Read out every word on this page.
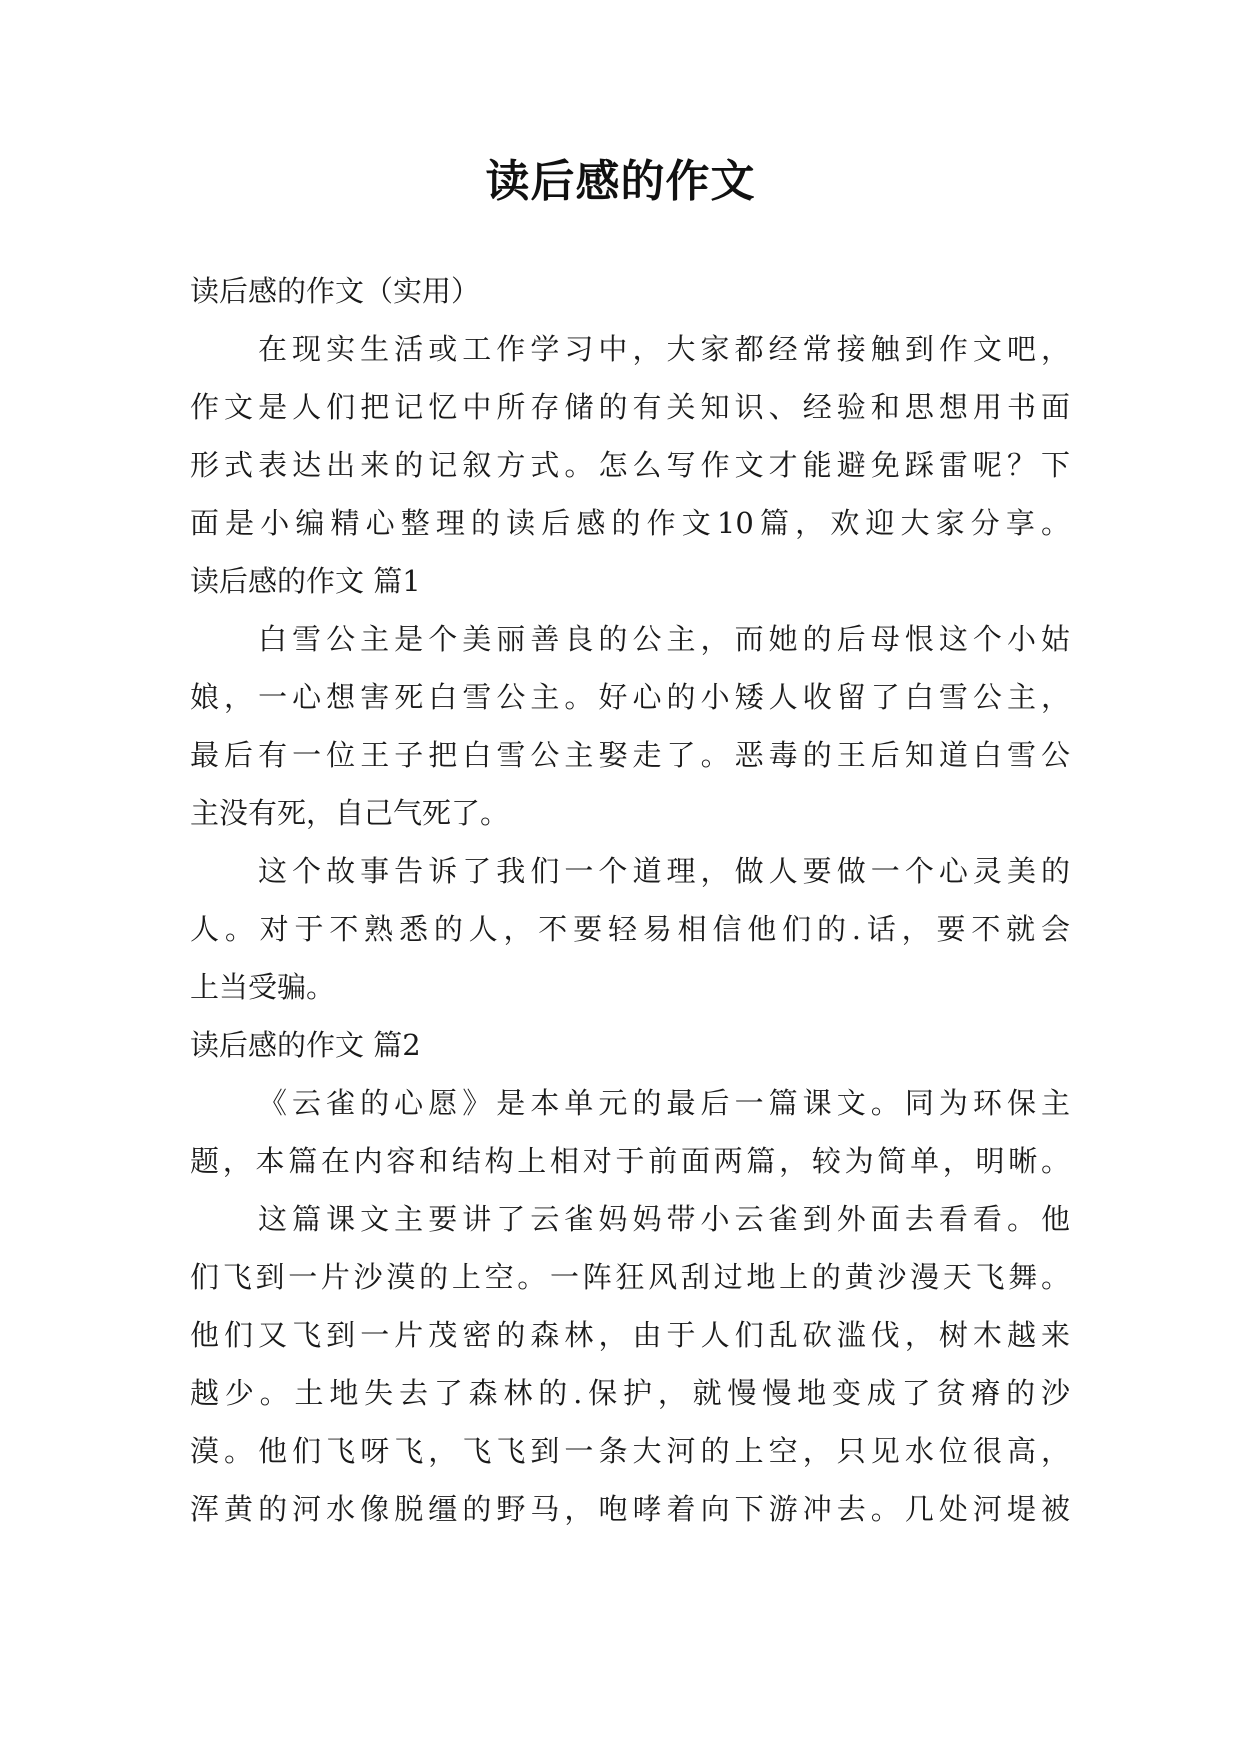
读后感的作文
读后感的作文（实用）
在现实生活或工作学习中，大家都经常接触到作文吧，
作文是人们把记忆中所存储的有关知识、经验和思想用书面
形式表达出来的记叙方式。怎么写作文才能避免踩雷呢？下
面是小编精心整理的读后感的作文10篇，欢迎大家分享。
读后感的作文 篇1
白雪公主是个美丽善良的公主，而她的后母恨这个小姑
娘，一心想害死白雪公主。好心的小矮人收留了白雪公主，
最后有一位王子把白雪公主娶走了。恶毒的王后知道白雪公
主没有死，自己气死了。
这个故事告诉了我们一个道理，做人要做一个心灵美的
人。对于不熟悉的人，不要轻易相信他们的.话，要不就会
上当受骗。
读后感的作文 篇2
《云雀的心愿》是本单元的最后一篇课文。同为环保主
题，本篇在内容和结构上相对于前面两篇，较为简单，明晰。
这篇课文主要讲了云雀妈妈带小云雀到外面去看看。他
们飞到一片沙漠的上空。一阵狂风刮过地上的黄沙漫天飞舞。
他们又飞到一片茂密的森林，由于人们乱砍滥伐，树木越来
越少。土地失去了森林的.保护，就慢慢地变成了贫瘠的沙
漠。他们飞呀飞，飞飞到一条大河的上空，只见水位很高，
浑黄的河水像脱缰的野马，咆哮着向下游冲去。几处河堤被
